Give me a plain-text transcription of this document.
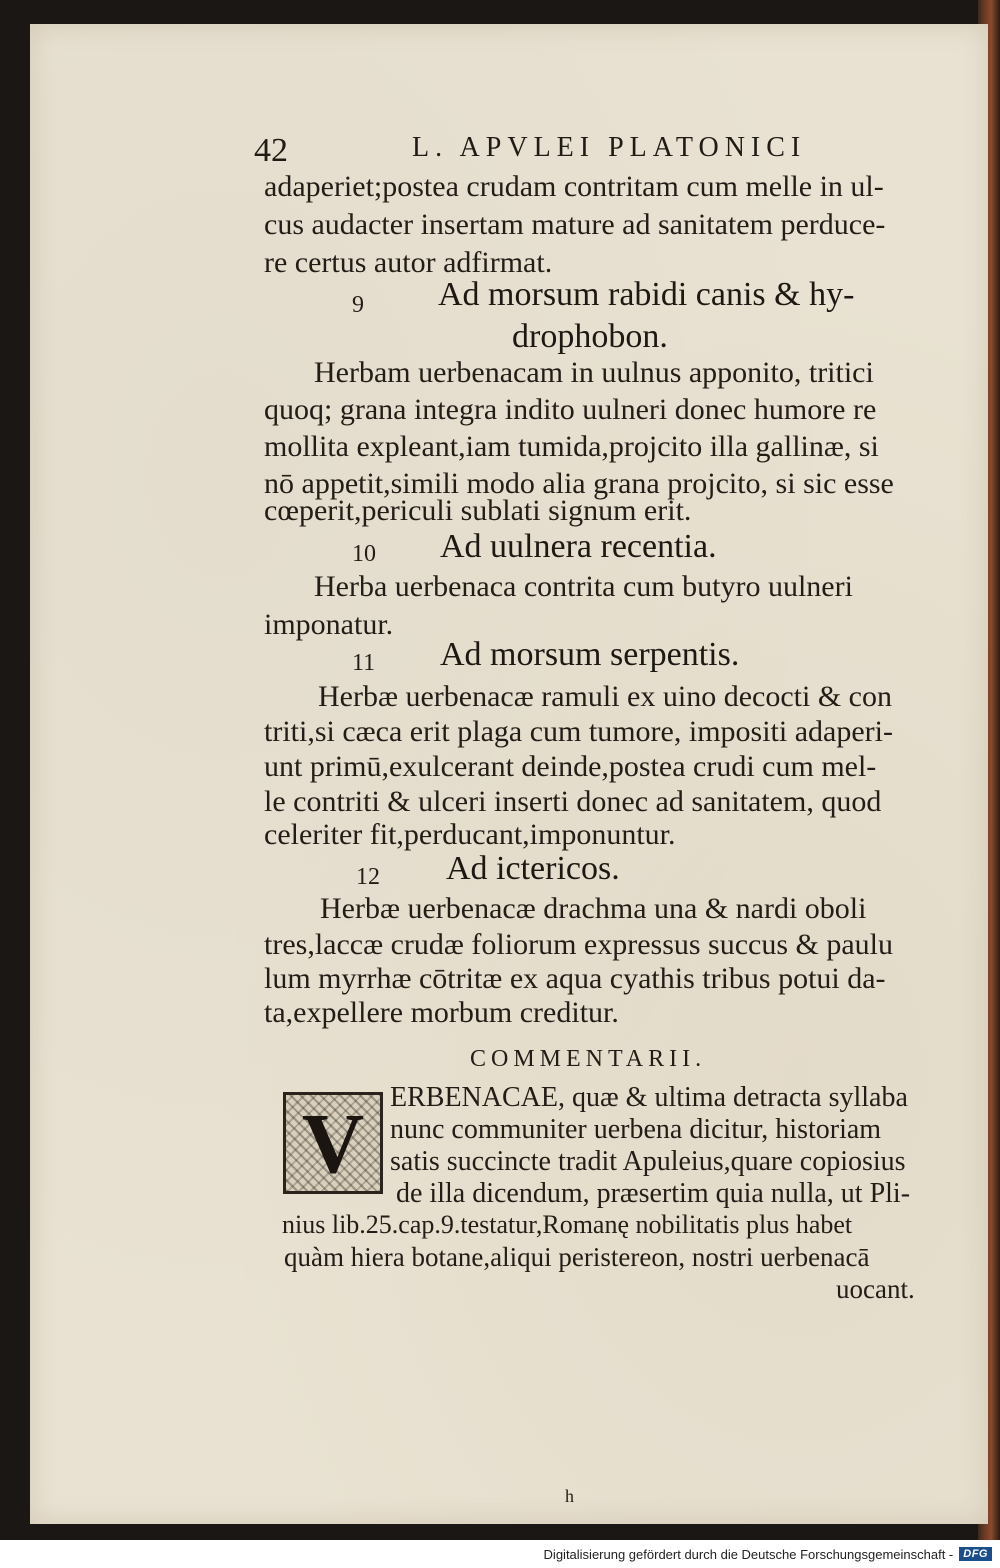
42	L. APVLEI PLATONICI
adaperiet;postea crudam contritam cum melle in ul-
cus audacter insertam mature ad sanitatem perduce-
re certus autor adfirmat.
9 Ad morsum rabidi canis & hy-
drophobon.
Herbam uerbenacam in uulnus apponito, tritici
quoq; grana integra indito uulneri donec humore re
mollita expleant,iam tumida,projcito illa gallinæ, si
nō appetit,simili modo alia grana projcito, si sic esse
cœperit,periculi sublati signum erit.
10 Ad uulnera recentia.
Herba uerbenaca contrita cum butyro uulneri
imponatur.
11 Ad morsum serpentis.
Herbæ uerbenacæ ramuli ex uino decocti & con
triti,si cæca erit plaga cum tumore, impositi adaperi-
unt primū,exulcerant deinde,postea crudi cum mel-
le contriti & ulceri inserti donec ad sanitatem, quod
celeriter fit,perducant,imponuntur.
12 Ad ictericos.
Herbæ uerbenacæ drachma una & nardi oboli
tres,laccæ crudæ foliorum expressus succus & paulu
lum myrrhæ cōtritæ ex aqua cyathis tribus potui da-
ta,expellere morbum creditur.
COMMENTARII.
V ERBENACAE, quæ & ultima detracta syllaba
nunc communiter uerbena dicitur, historiam
satis succincte tradit Apuleius,quare copiosius
de illa dicendum, præsertim quia nulla, ut Pli-
nius lib.25.cap.9.testatur,Romanę nobilitatis plus habet
quàm hiera botane,aliqui peristereon, nostri uerbenacā
uocant.
h
Digitalisierung gefördert durch die Deutsche Forschungsgemeinschaft - DFG
